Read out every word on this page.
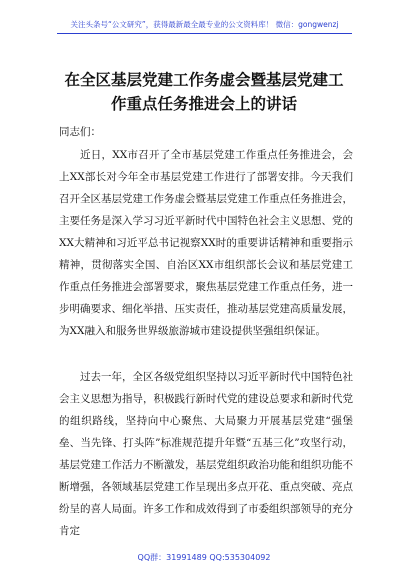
关注头条号“公文研究”，获得最新最全最专业的公文资料库！ 微信：gongwenzj
在全区基层党建工作务虚会暨基层党建工
作重点任务推进会上的讲话
同志们：
近日，XX市召开了全市基层党建工作重点任务推进会，会上XX部长对今年全市基层党建工作进行了部署安排。今天我们召开全区基层党建工作务虚会暨基层党建工作重点任务推进会，主要任务是深入学习习近平新时代中国特色社会主义思想、党的XX大精神和习近平总书记视察XX时的重要讲话精神和重要指示精神，贯彻落实全国、自治区XX市组织部长会议和基层党建工作重点任务推进会部署要求，聚焦基层党建工作重点任务，进一步明确要求、细化举措、压实责任，推动基层党建高质量发展，为XX融入和服务世界级旅游城市建设提供坚强组织保证。
过去一年，全区各级党组织坚持以习近平新时代中国特色社会主义思想为指导，积极践行新时代党的建设总要求和新时代党的组织路线，坚持向中心聚焦、大局聚力开展基层党建“强堡垒、当先锋、打头阵”标准规范提升年暨“五基三化”攻坚行动，基层党建工作活力不断激发，基层党组织政治功能和组织功能不断增强，各领域基层党建工作呈现出多点开花、重点突破、亮点纷呈的喜人局面。许多工作和成效得到了市委组织部领导的充分肯定
QQ群：31991489 QQ:535304092
